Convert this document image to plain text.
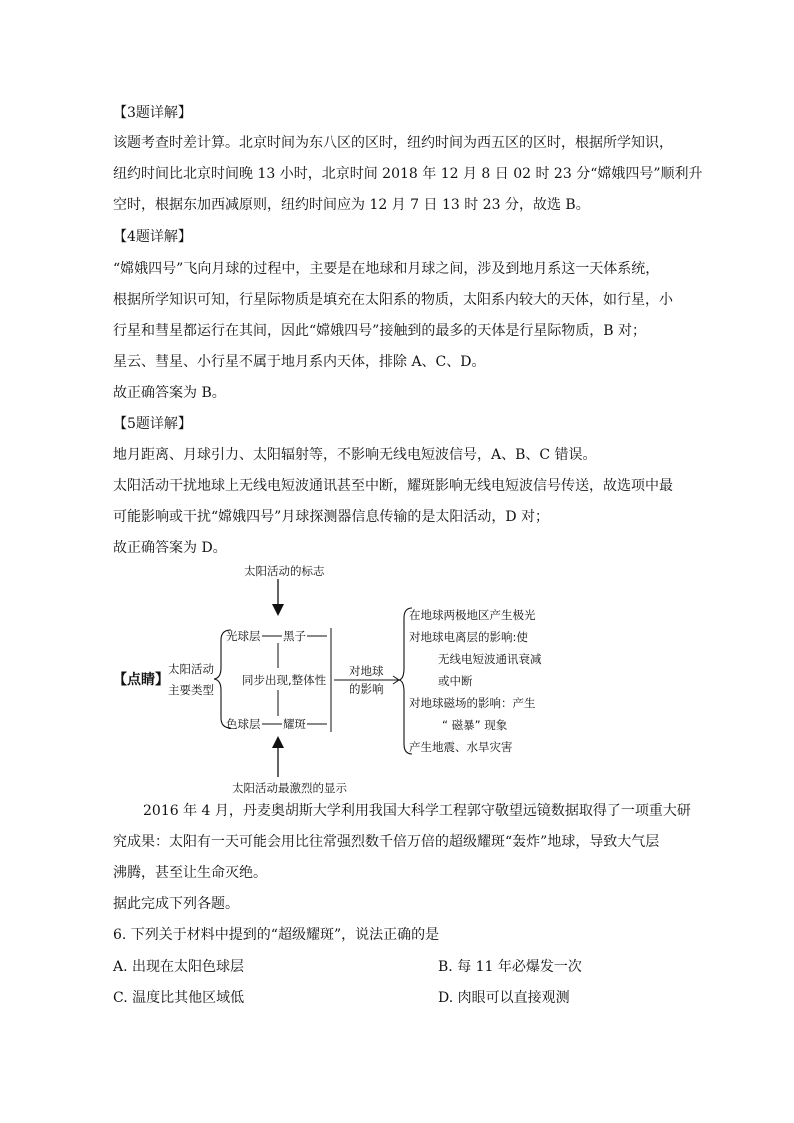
【3题详解】
该题考查时差计算。北京时间为东八区的区时，纽约时间为西五区的区时，根据所学知识，
纽约时间比北京时间晚 13 小时，北京时间 2018 年 12 月 8 日 02 时 23 分“嫦娥四号”顺利升
空时，根据东加西减原则，纽约时间应为 12 月 7 日 13 时 23 分，故选 B。
【4题详解】
“嫦娥四号”飞向月球的过程中，主要是在地球和月球之间，涉及到地月系这一天体系统，
根据所学知识可知，行星际物质是填充在太阳系的物质，太阳系内较大的天体，如行星，小
行星和彗星都运行在其间，因此“嫦娥四号”接触到的最多的天体是行星际物质，B 对；
星云、彗星、小行星不属于地月系内天体，排除 A、C、D。
故正确答案为 B。
【5题详解】
地月距离、月球引力、太阳辐射等，不影响无线电短波信号，A、B、C 错误。
太阳活动干扰地球上无线电短波通讯甚至中断，耀斑影响无线电短波信号传送，故选项中最
可能影响或干扰“嫦娥四号”月球探测器信息传输的是太阳活动，D 对；
故正确答案为 D。
太阳活动的标志
【点睛】
太阳活动
主要类型
光球层 黑子
同步出现,整体性
色球层 耀斑
对地球
的影响
在地球两极地区产生极光
对地球电离层的影响:使
无线电短波通讯衰减
或中断
对地球磁场的影响：产生
“ 磁暴” 现象
产生地震、水旱灾害
太阳活动最激烈的显示
2016 年 4 月，丹麦奥胡斯大学利用我国大科学工程郭守敬望远镜数据取得了一项重大研
究成果：太阳有一天可能会用比往常强烈数千倍万倍的超级耀斑“轰炸”地球，导致大气层
沸腾，甚至让生命灭绝。
据此完成下列各题。
6. 下列关于材料中提到的“超级耀斑”，说法正确的是
A. 出现在太阳色球层	B. 每 11 年必爆发一次
C. 温度比其他区域低	D. 肉眼可以直接观测
